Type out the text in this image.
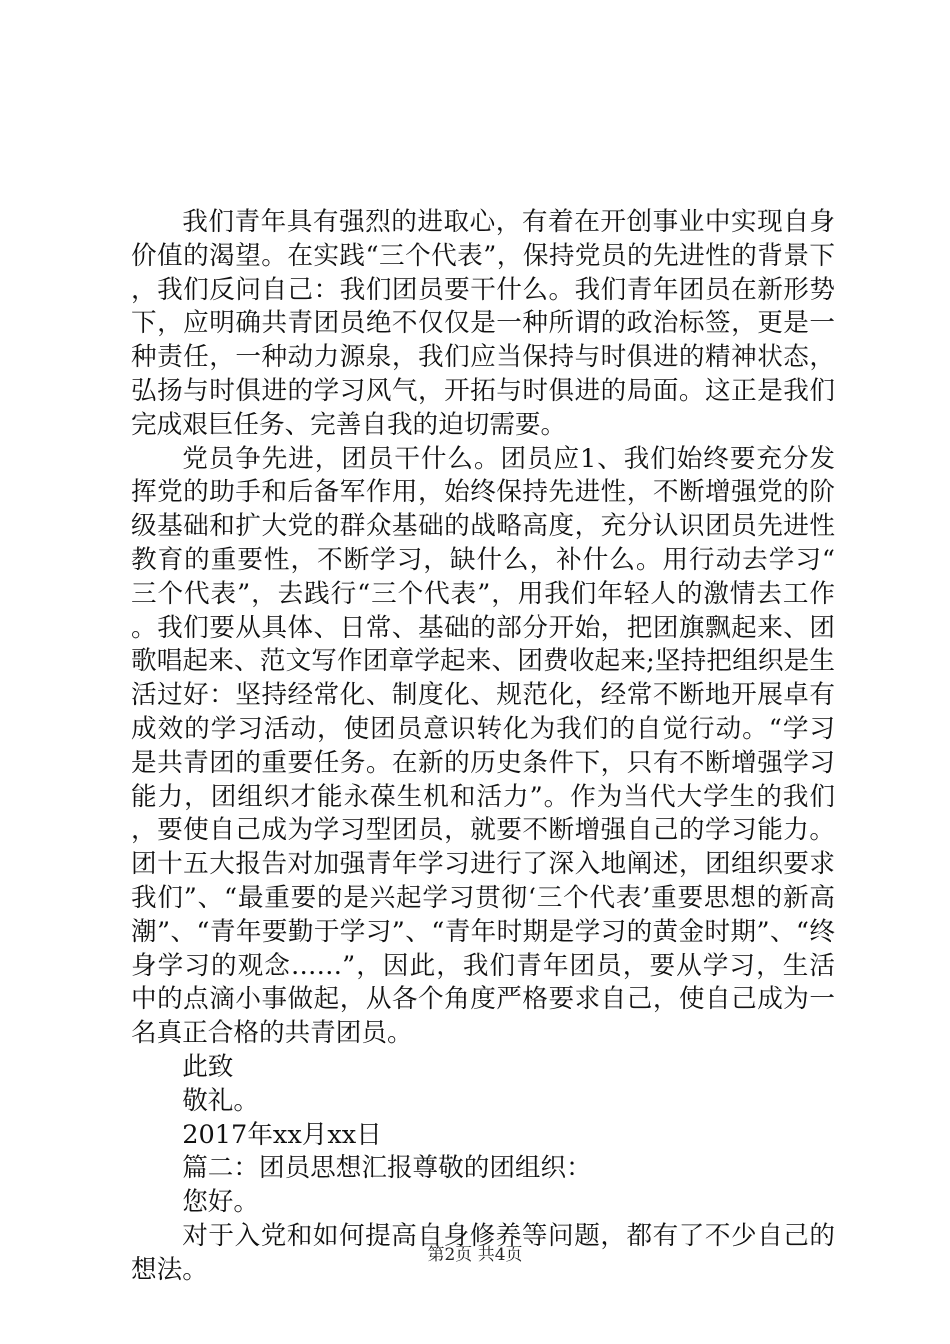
我们青年具有强烈的进取心，有着在开创事业中实现自身价值的渴望。在实践“三个代表”，保持党员的先进性的背景下，我们反问自己：我们团员要干什么。我们青年团员在新形势下，应明确共青团员绝不仅仅是一种所谓的政治标签，更是一种责任，一种动力源泉，我们应当保持与时俱进的精神状态，弘扬与时俱进的学习风气，开拓与时俱进的局面。这正是我们完成艰巨任务、完善自我的迫切需要。

党员争先进，团员干什么。团员应1、我们始终要充分发挥党的助手和后备军作用，始终保持先进性，不断增强党的阶级基础和扩大党的群众基础的战略高度，充分认识团员先进性教育的重要性，不断学习，缺什么，补什么。用行动去学习“三个代表”，去践行“三个代表”，用我们年轻人的激情去工作。我们要从具体、日常、基础的部分开始，把团旗飘起来、团歌唱起来、范文写作团章学起来、团费收起来;坚持把组织是生活过好：坚持经常化、制度化、规范化，经常不断地开展卓有成效的学习活动，使团员意识转化为我们的自觉行动。“学习是共青团的重要任务。在新的历史条件下，只有不断增强学习能力，团组织才能永葆生机和活力”。作为当代大学生的我们，要使自己成为学习型团员，就要不断增强自己的学习能力。团十五大报告对加强青年学习进行了深入地阐述，团组织要求我们”、“最重要的是兴起学习贯彻‘三个代表’重要思想的新高潮”、“青年要勤于学习”、“青年时期是学习的黄金时期”、“终身学习的观念……”，因此，我们青年团员，要从学习，生活中的点滴小事做起，从各个角度严格要求自己，使自己成为一名真正合格的共青团员。

此致

敬礼。

2017年xx月xx日

篇二：团员思想汇报尊敬的团组织：

您好。

对于入党和如何提高自身修养等问题，都有了不少自己的想法。	第2页 共4页
